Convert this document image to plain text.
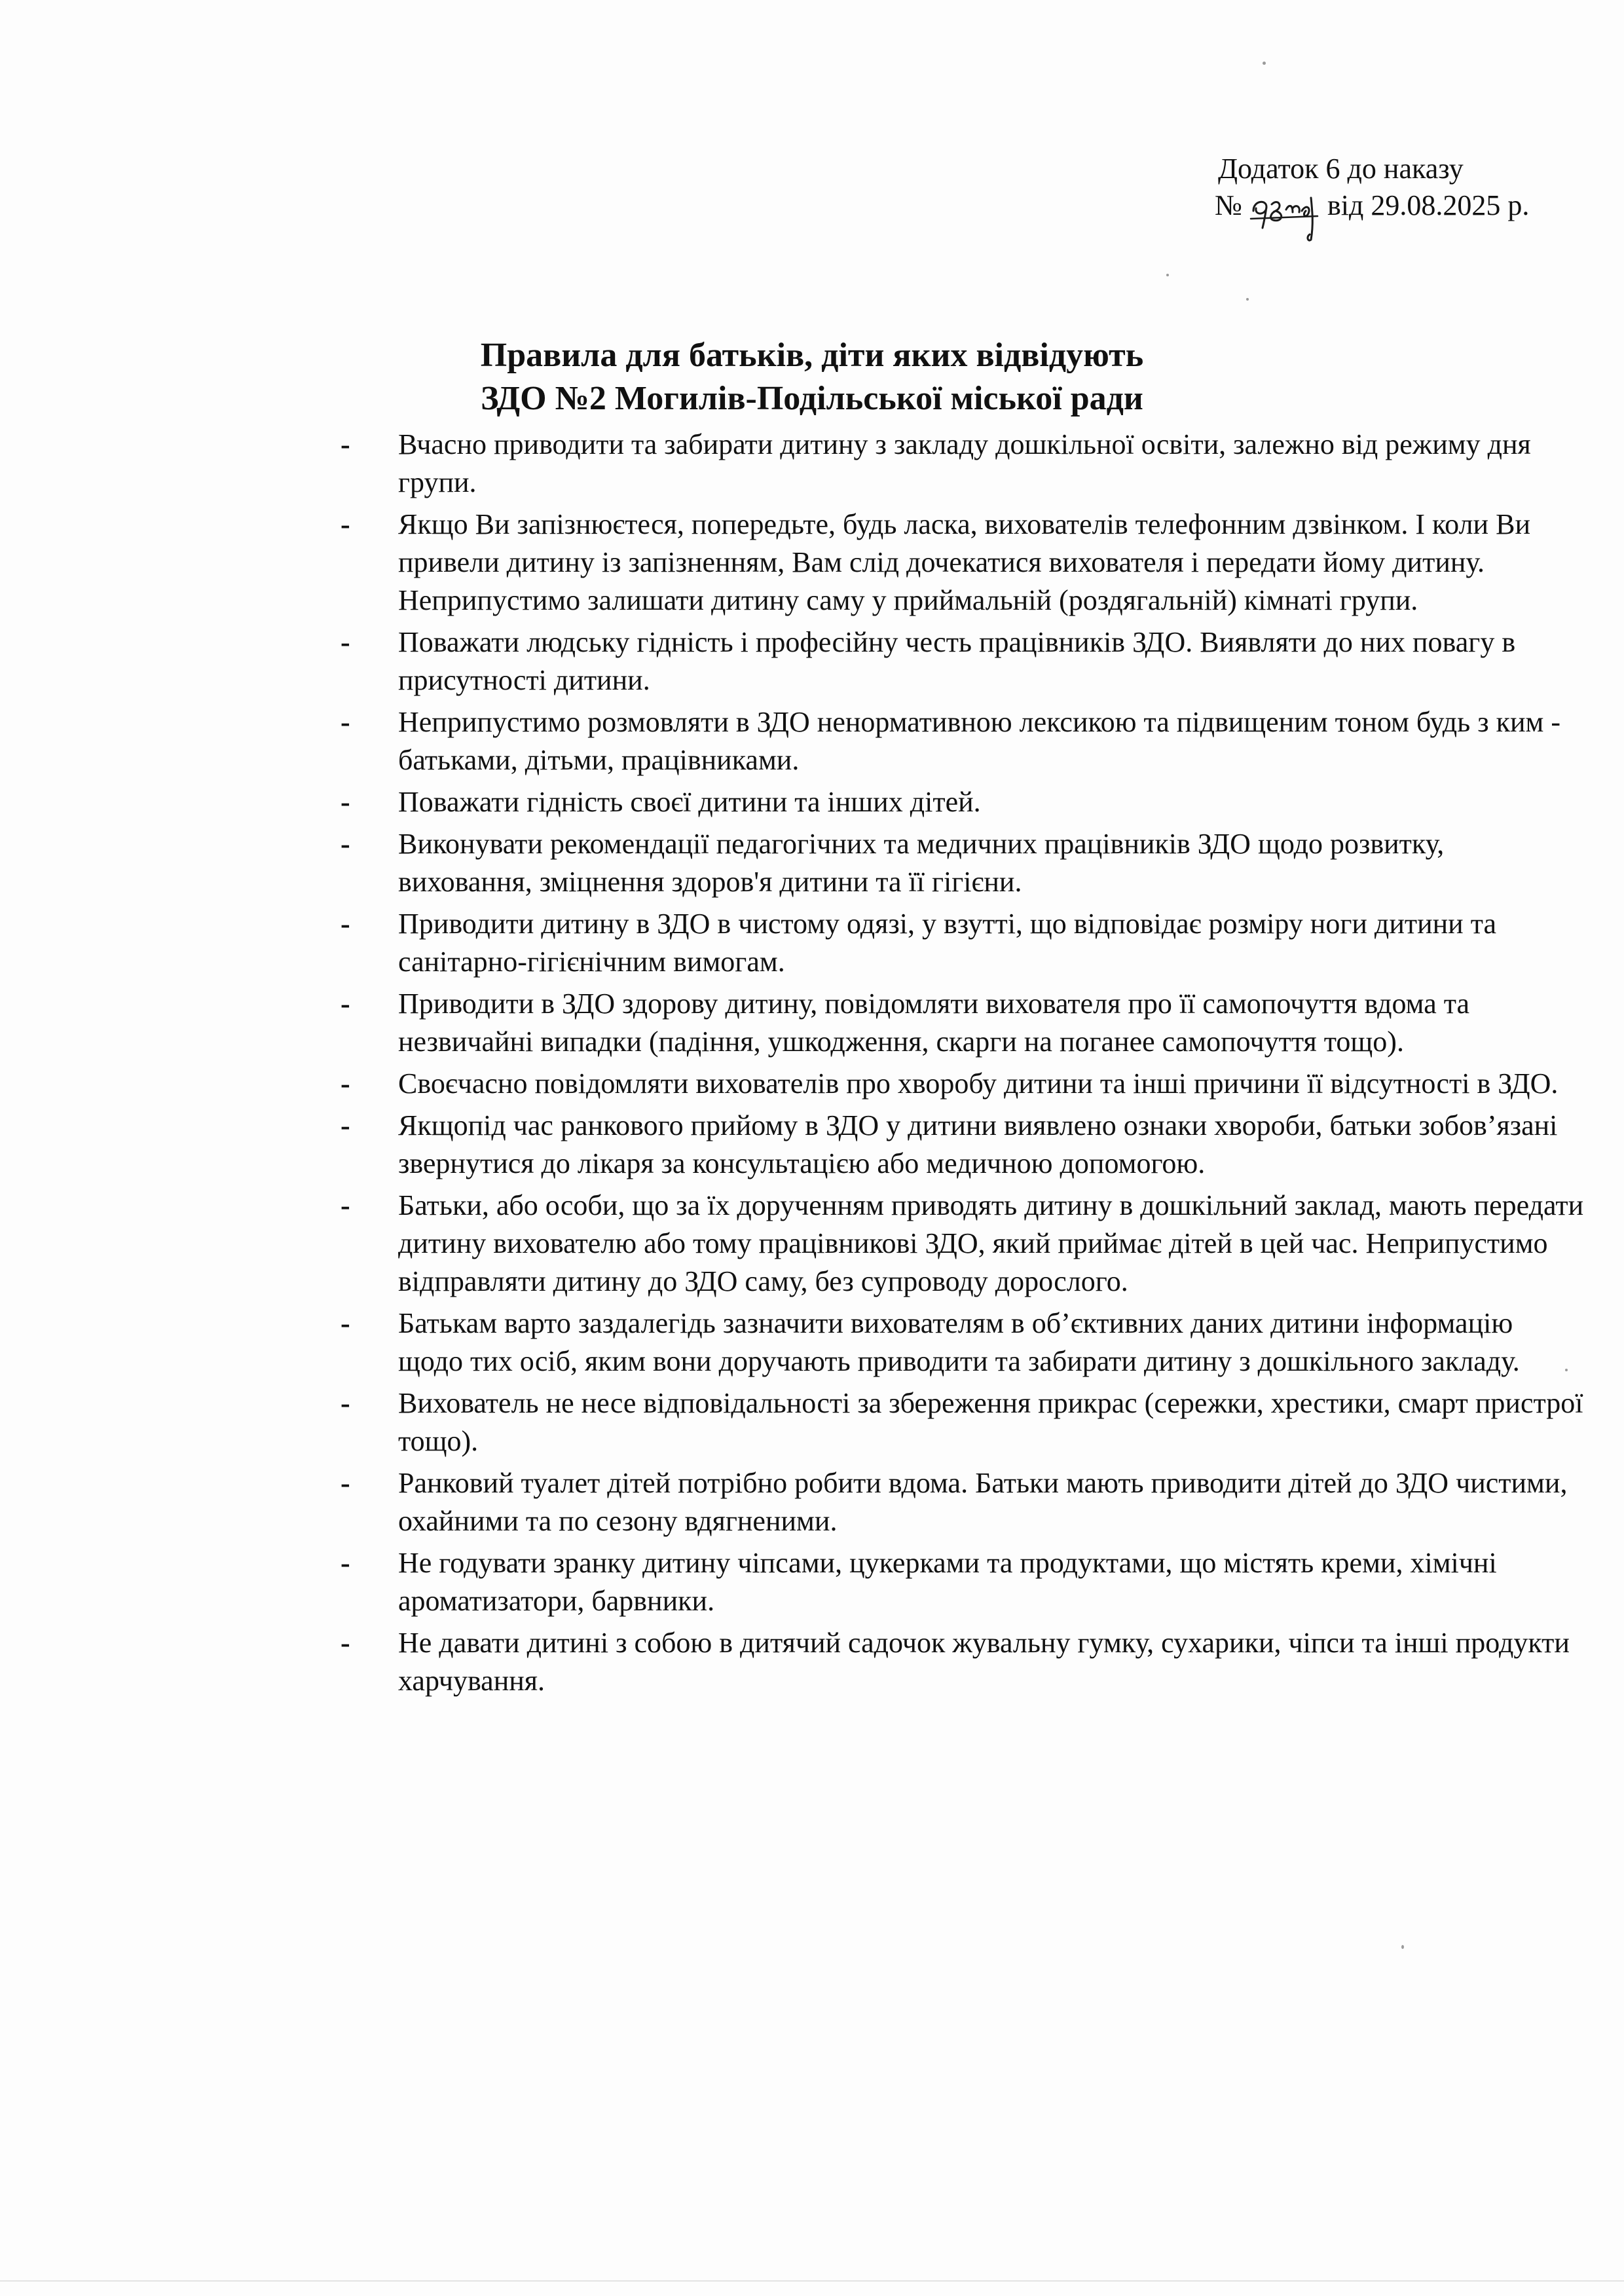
Додаток 6 до наказу
№	від 29.08.2025 р.
Правила для батьків, діти яких відвідують
ЗДО №2 Могилів-Подільської міської ради
-	Вчасно приводити та забирати дитину з закладу дошкільної освіти, залежно від режиму дня групи.
-	Якщо Ви запізнюєтеся, попередьте, будь ласка, вихователів телефонним дзвінком. І коли Ви привели дитину із запізненням, Вам слід дочекатися вихователя і передати йому дитину. Неприпустимо залишати дитину саму у приймальній (роздягальній) кімнаті групи.
-	Поважати людську гідність і професійну честь працівників ЗДО. Виявляти до них повагу в присутності дитини.
-	Неприпустимо розмовляти в ЗДО ненормативною лексикою та підвищеним тоном будь з ким - батьками, дітьми, працівниками.
-	Поважати гідність своєї дитини та інших дітей.
-	Виконувати рекомендації педагогічних та медичних працівників ЗДО щодо розвитку, виховання, зміцнення здоров'я дитини та її гігієни.
-	Приводити дитину в ЗДО в чистому одязі, у взутті, що відповідає розміру ноги дитини та санітарно-гігієнічним вимогам.
-	Приводити в ЗДО здорову дитину, повідомляти вихователя про її самопочуття вдома та незвичайні випадки (падіння, ушкодження, скарги на поганее самопочуття тощо).
-	Своєчасно повідомляти вихователів про хворобу дитини та інші причини її відсутності в ЗДО.
-	Якщопід час ранкового прийому в ЗДО у дитини виявлено ознаки хвороби, батьки зобов’язані звернутися до лікаря за консультацією або медичною допомогою.
-	Батьки, або особи, що за їх дорученням приводять дитину в дошкільний заклад, мають передати дитину вихователю або тому працівникові ЗДО, який приймає дітей в цей час. Неприпустимо відправляти дитину до ЗДО саму, без супроводу дорослого.
-	Батькам варто заздалегідь зазначити вихователям в об’єктивних даних дитини інформацію щодо тих осіб, яким вони доручають приводити та забирати дитину з дошкільного закладу.
-	Вихователь не несе відповідальності за збереження прикрас (сережки, хрестики, смарт пристрої тощо).
-	Ранковий туалет дітей потрібно робити вдома. Батьки мають приводити дітей до ЗДО чистими, охайними та по сезону вдягненими.
-	Не годувати зранку дитину чіпсами, цукерками та продуктами, що містять креми, хімічні ароматизатори, барвники.
-	Не давати дитині з собою в дитячий садочок жувальну гумку, сухарики, чіпси та інші продукти харчування.
